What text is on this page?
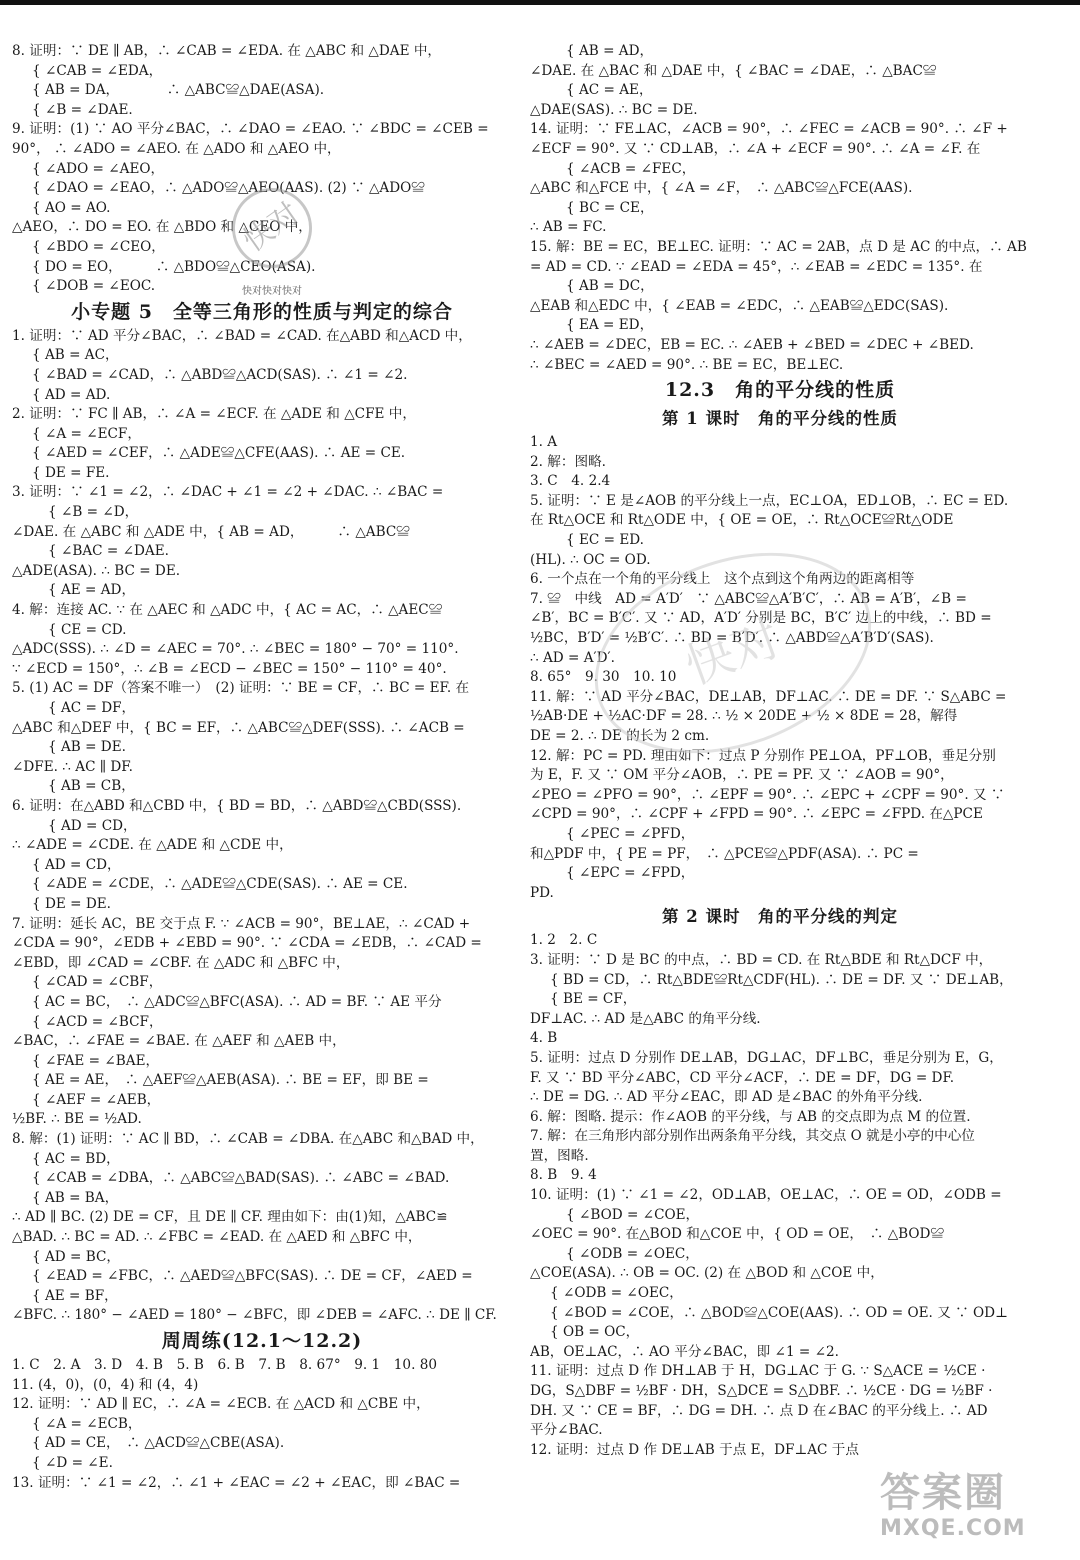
8. 证明：∵ DE ∥ AB，∴ ∠CAB = ∠EDA. 在 △ABC 和 △DAE 中，
{ ∠CAB = ∠EDA，
{ AB = DA，　　　　∴ △ABC≌△DAE(ASA).
{ ∠B = ∠DAE.
9. 证明：(1) ∵ AO 平分∠BAC，∴ ∠DAO = ∠EAO. ∵ ∠BDC = ∠CEB =
90°， ∴ ∠ADO = ∠AEO. 在 △ADO 和 △AEO 中，
{ ∠ADO = ∠AEO，
{ ∠DAO = ∠EAO，∴ △ADO≌△AEO(AAS). (2) ∵ △ADO≌
{ AO = AO.
△AEO，∴ DO = EO. 在 △BDO 和 △CEO 中，
{ ∠BDO = ∠CEO，
{ DO = EO，　　　∴ △BDO≌△CEO(ASA).
{ ∠DOB = ∠EOC.
小专题 5　全等三角形的性质与判定的综合
1. 证明：∵ AD 平分∠BAC，∴ ∠BAD = ∠CAD. 在△ABD 和△ACD 中，
{ AB = AC，
{ ∠BAD = ∠CAD，∴ △ABD≌△ACD(SAS). ∴ ∠1 = ∠2.
{ AD = AD.
2. 证明：∵ FC ∥ AB，∴ ∠A = ∠ECF. 在 △ADE 和 △CFE 中，
{ ∠A = ∠ECF，
{ ∠AED = ∠CEF，∴ △ADE≌△CFE(AAS). ∴ AE = CE.
{ DE = FE.
3. 证明：∵ ∠1 = ∠2，∴ ∠DAC + ∠1 = ∠2 + ∠DAC. ∴ ∠BAC =
{ ∠B = ∠D，
∠DAE. 在 △ABC 和 △ADE 中，{ AB = AD，　　　∴ △ABC≌
{ ∠BAC = ∠DAE.
△ADE(ASA). ∴ BC = DE.
{ AE = AD，
4. 解：连接 AC. ∵ 在 △AEC 和 △ADC 中，{ AC = AC，∴ △AEC≌
{ CE = CD.
△ADC(SSS). ∴ ∠D = ∠AEC = 70°. ∴ ∠BEC = 180° − 70° = 110°.
∵ ∠ECD = 150°，∴ ∠B = ∠ECD − ∠BEC = 150° − 110° = 40°.
5. (1) AC = DF（答案不唯一）　(2) 证明：∵ BE = CF，∴ BC = EF. 在
{ AC = DF，
△ABC 和△DEF 中，{ BC = EF，∴ △ABC≌△DEF(SSS). ∴ ∠ACB =
{ AB = DE.
∠DFE. ∴ AC ∥ DF.
{ AB = CB，
6. 证明：在△ABD 和△CBD 中，{ BD = BD，∴ △ABD≌△CBD(SSS).
{ AD = CD，
∴ ∠ADE = ∠CDE. 在 △ADE 和 △CDE 中，
{ AD = CD，
{ ∠ADE = ∠CDE，∴ △ADE≌△CDE(SAS). ∴ AE = CE.
{ DE = DE.
7. 证明：延长 AC，BE 交于点 F. ∵ ∠ACB = 90°，BE⊥AE，∴ ∠CAD +
∠CDA = 90°，∠EDB + ∠EBD = 90°. ∵ ∠CDA = ∠EDB，∴ ∠CAD =
∠EBD，即 ∠CAD = ∠CBF. 在 △ADC 和 △BFC 中，
{ ∠CAD = ∠CBF，
{ AC = BC，　∴ △ADC≌△BFC(ASA). ∴ AD = BF. ∵ AE 平分
{ ∠ACD = ∠BCF，
∠BAC，∴ ∠FAE = ∠BAE. 在 △AEF 和 △AEB 中，
{ ∠FAE = ∠BAE，
{ AE = AE，　∴ △AEF≌△AEB(ASA). ∴ BE = EF，即 BE =
{ ∠AEF = ∠AEB，
½BF. ∴ BE = ½AD.
8. 解：(1) 证明：∵ AC ∥ BD，∴ ∠CAB = ∠DBA. 在△ABC 和△BAD 中，
{ AC = BD，
{ ∠CAB = ∠DBA，∴ △ABC≌△BAD(SAS). ∴ ∠ABC = ∠BAD.
{ AB = BA，
∴ AD ∥ BC. (2) DE = CF，且 DE ∥ CF. 理由如下：由(1)知，△ABC≌
△BAD. ∴ BC = AD. ∴ ∠FBC = ∠EAD. 在 △AED 和 △BFC 中，
{ AD = BC，
{ ∠EAD = ∠FBC，∴ △AED≌△BFC(SAS). ∴ DE = CF，∠AED =
{ AE = BF，
∠BFC. ∴ 180° − ∠AED = 180° − ∠BFC，即 ∠DEB = ∠AFC. ∴ DE ∥ CF.
周周练(12.1～12.2)
1. C　2. A　3. D　4. B　5. B　6. B　7. B　8. 67°　9. 1　10. 80
11. (4，0)，(0，4) 和 (4，4)
12. 证明：∵ AD ∥ EC，∴ ∠A = ∠ECB. 在 △ACD 和 △CBE 中，
{ ∠A = ∠ECB，
{ AD = CE，　∴ △ACD≌△CBE(ASA).
{ ∠D = ∠E.
13. 证明：∵ ∠1 = ∠2，∴ ∠1 + ∠EAC = ∠2 + ∠EAC，即 ∠BAC =
{ AB = AD，
∠DAE. 在 △BAC 和 △DAE 中，{ ∠BAC = ∠DAE，∴ △BAC≌
{ AC = AE，
△DAE(SAS). ∴ BC = DE.
14. 证明：∵ FE⊥AC，∠ACB = 90°，∴ ∠FEC = ∠ACB = 90°. ∴ ∠F +
∠ECF = 90°. 又 ∵ CD⊥AB，∴ ∠A + ∠ECF = 90°. ∴ ∠A = ∠F. 在
{ ∠ACB = ∠FEC，
△ABC 和△FCE 中，{ ∠A = ∠F，　∴ △ABC≌△FCE(AAS).
{ BC = CE，
∴ AB = FC.
15. 解：BE = EC，BE⊥EC. 证明：∵ AC = 2AB，点 D 是 AC 的中点，∴ AB
= AD = CD. ∵ ∠EAD = ∠EDA = 45°，∴ ∠EAB = ∠EDC = 135°. 在
{ AB = DC，
△EAB 和△EDC 中，{ ∠EAB = ∠EDC，∴ △EAB≌△EDC(SAS).
{ EA = ED，
∴ ∠AEB = ∠DEC，EB = EC. ∴ ∠AEB + ∠BED = ∠DEC + ∠BED.
∴ ∠BEC = ∠AED = 90°. ∴ BE = EC，BE⊥EC.
12.3　角的平分线的性质
第 1 课时　角的平分线的性质
1. A
2. 解：图略.
3. C　4. 2.4
5. 证明：∵ E 是∠AOB 的平分线上一点，EC⊥OA，ED⊥OB，∴ EC = ED.
在 Rt△OCE 和 Rt△ODE 中，{ OE = OE，∴ Rt△OCE≌Rt△ODE
{ EC = ED.
(HL). ∴ OC = OD.
6. 一个点在一个角的平分线上　这个点到这个角两边的距离相等
7. ≌　中线　AD = A′D′　∵ △ABC≌△A′B′C′，∴ AB = A′B′，∠B =
∠B′，BC = B′C′. 又 ∵ AD，A′D′ 分别是 BC，B′C′ 边上的中线，∴ BD =
½BC，B′D′ = ½B′C′. ∴ BD = B′D′. ∴ △ABD≌△A′B′D′(SAS).
∴ AD = A′D′.
8. 65°　9. 30　10. 10
11. 解：∵ AD 平分∠BAC，DE⊥AB，DF⊥AC. ∴ DE = DF. ∵ S△ABC =
½AB·DE + ½AC·DF = 28. ∴ ½ × 20DE + ½ × 8DE = 28，解得
DE = 2. ∴ DE 的长为 2 cm.
12. 解：PC = PD. 理由如下：过点 P 分别作 PE⊥OA，PF⊥OB，垂足分别
为 E，F. 又 ∵ OM 平分∠AOB，∴ PE = PF. 又 ∵ ∠AOB = 90°，
∠PEO = ∠PFO = 90°，∴ ∠EPF = 90°. ∴ ∠EPC + ∠CPF = 90°. 又 ∵
∠CPD = 90°，∴ ∠CPF + ∠FPD = 90°. ∴ ∠EPC = ∠FPD. 在△PCE
{ ∠PEC = ∠PFD，
和△PDF 中，{ PE = PF，　∴ △PCE≌△PDF(ASA). ∴ PC =
{ ∠EPC = ∠FPD，
PD.
第 2 课时　角的平分线的判定
1. 2　2. C
3. 证明：∵ D 是 BC 的中点，∴ BD = CD. 在 Rt△BDE 和 Rt△DCF 中，
{ BD = CD，∴ Rt△BDE≌Rt△CDF(HL). ∴ DE = DF. 又 ∵ DE⊥AB，
{ BE = CF，
DF⊥AC. ∴ AD 是△ABC 的角平分线.
4. B
5. 证明：过点 D 分别作 DE⊥AB，DG⊥AC，DF⊥BC，垂足分别为 E，G，
F. 又 ∵ BD 平分∠ABC，CD 平分∠ACF，∴ DE = DF，DG = DF.
∴ DE = DG. ∴ AD 平分∠EAC，即 AD 是∠BAC 的外角平分线.
6. 解：图略. 提示：作∠AOB 的平分线，与 AB 的交点即为点 M 的位置.
7. 解：在三角形内部分别作出两条角平分线，其交点 O 就是小亭的中心位
置，图略.
8. B　9. 4
10. 证明：(1) ∵ ∠1 = ∠2，OD⊥AB，OE⊥AC，∴ OE = OD，∠ODB =
{ ∠BOD = ∠COE，
∠OEC = 90°. 在△BOD 和△COE 中，{ OD = OE，　∴ △BOD≌
{ ∠ODB = ∠OEC，
△COE(ASA). ∴ OB = OC. (2) 在 △BOD 和 △COE 中，
{ ∠ODB = ∠OEC，
{ ∠BOD = ∠COE，∴ △BOD≌△COE(AAS). ∴ OD = OE. 又 ∵ OD⊥
{ OB = OC，
AB，OE⊥AC，∴ AO 平分∠BAC，即 ∠1 = ∠2.
11. 证明：过点 D 作 DH⊥AB 于 H，DG⊥AC 于 G. ∵ S△ACE = ½CE ·
DG，S△DBF = ½BF · DH，S△DCE = S△DBF. ∴ ½CE · DG = ½BF ·
DH. 又 ∵ CE = BF，∴ DG = DH. ∴ 点 D 在∠BAC 的平分线上. ∴ AD
平分∠BAC.
12. 证明：过点 D 作 DE⊥AB 于点 E，DF⊥AC 于点
快对
快对快对快对
快对
答案圈
MXQE.COM
